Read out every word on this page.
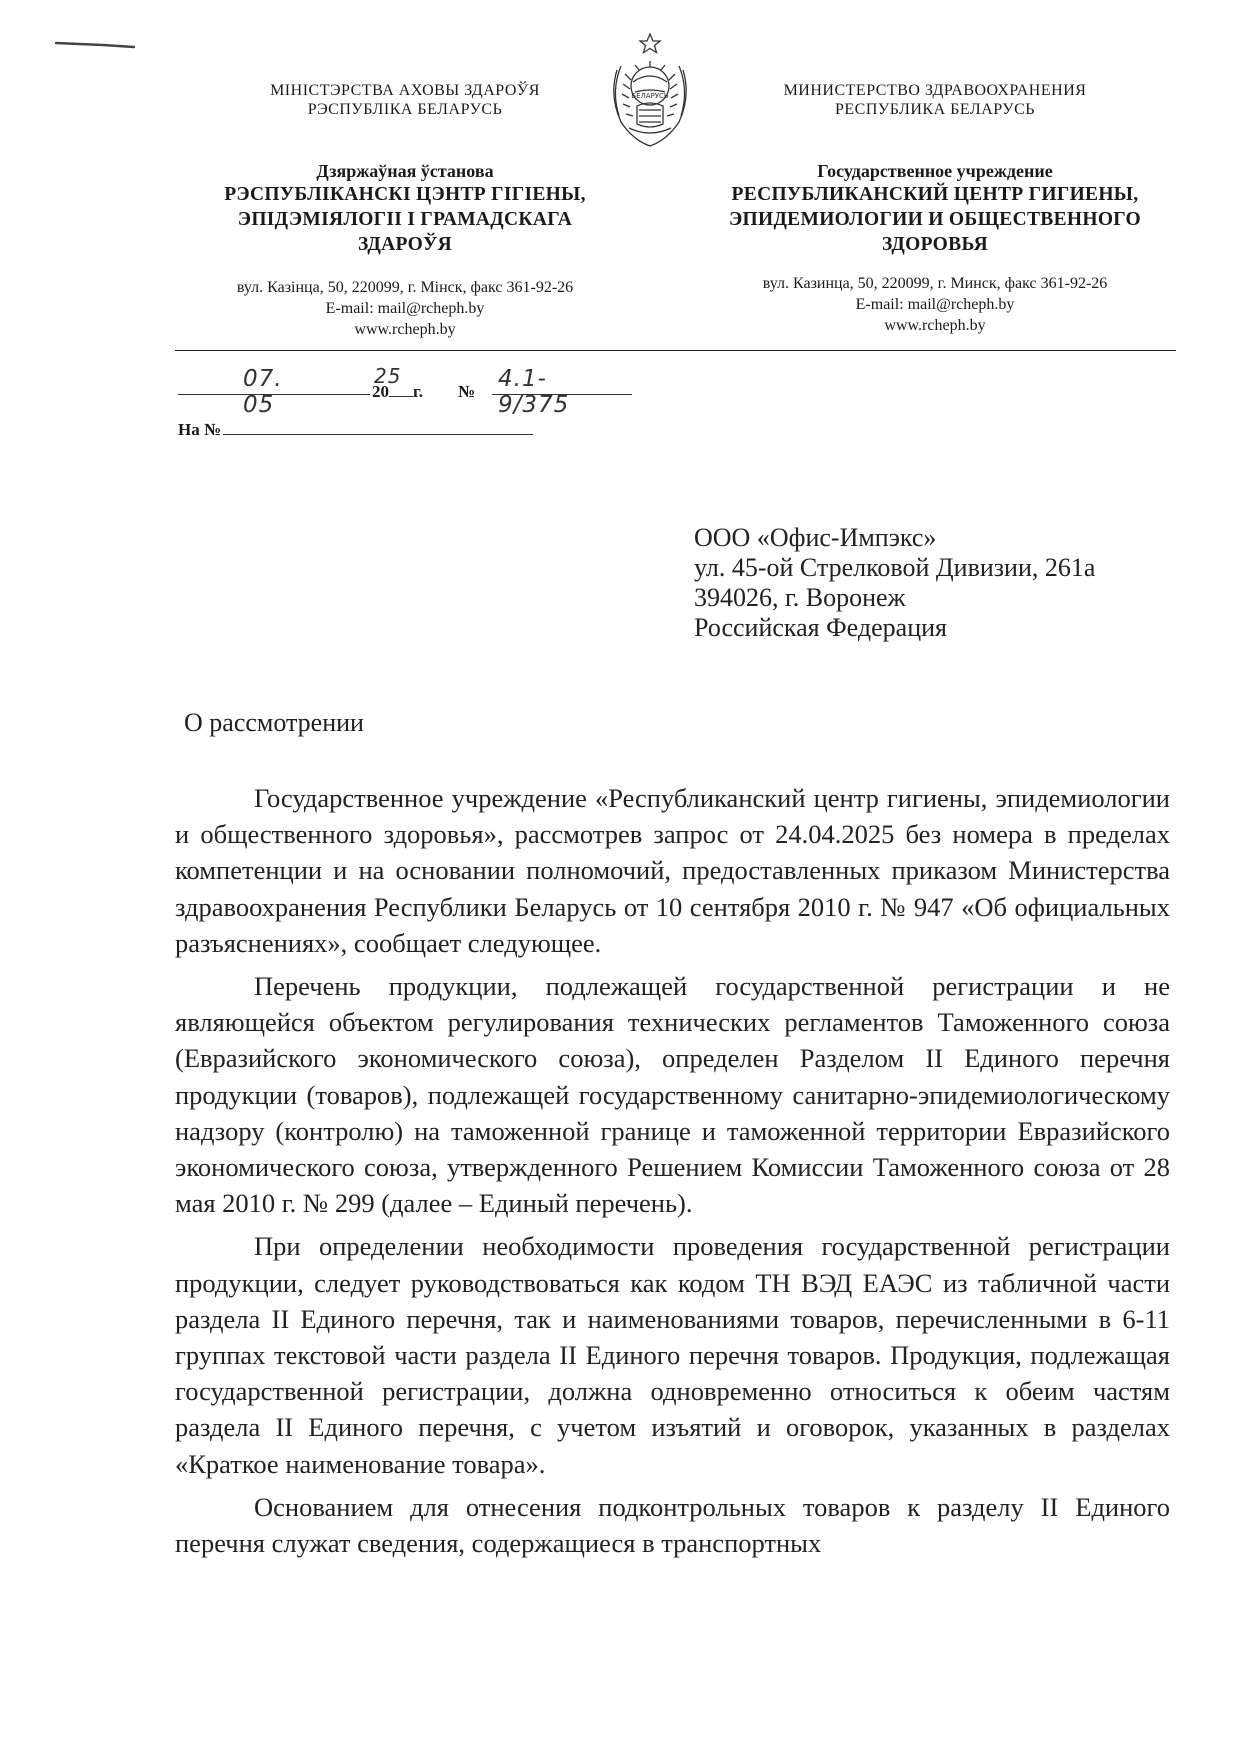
МІНІСТЭРСТВА АХОВЫ ЗДАРОЎЯ
РЭСПУБЛІКА БЕЛАРУСЬ
Дзяржаўная ўстанова
РЭСПУБЛІКАНСКІ ЦЭНТР ГІГІЕНЫ,
ЭПІДЭМІЯЛОГІІ І ГРАМАДСКАГА
ЗДАРОЎЯ
вул. Казінца, 50, 220099, г. Мінск, факс 361-92-26
E-mail: mail@rcheph.by
www.rcheph.by
БЕЛАРУСЬ	МИНИСТЕРСТВО ЗДРАВООХРАНЕНИЯ
РЕСПУБЛИКА БЕЛАРУСЬ
Государственное учреждение
РЕСПУБЛИКАНСКИЙ ЦЕНТР ГИГИЕНЫ,
ЭПИДЕМИОЛОГИИ И ОБЩЕСТВЕННОГО
ЗДОРОВЬЯ
вул. Казинца, 50, 220099, г. Минск, факс 361-92-26
E-mail: mail@rcheph.by
www.rcheph.by
07. 05
20 г.
25
№ 4.1-9/375
На №
ООО «Офис-Импэкс»
ул. 45-ой Стрелковой Дивизии, 261а
394026, г. Воронеж
Российская Федерация
О рассмотрении

Государственное учреждение «Республиканский центр гигиены, эпидемиологии и общественного здоровья», рассмотрев запрос от 24.04.2025 без номера в пределах компетенции и на основании полномочий, предоставленных приказом Министерства здравоохранения Республики Беларусь от 10 сентября 2010 г. № 947 «Об официальных разъяснениях», сообщает следующее.

Перечень продукции, подлежащей государственной регистрации и не являющейся объектом регулирования технических регламентов Таможенного союза (Евразийского экономического союза), определен Разделом II Единого перечня продукции (товаров), подлежащей государственному санитарно-эпидемиологическому надзору (контролю) на таможенной границе и таможенной территории Евразийского экономического союза, утвержденного Решением Комиссии Таможенного союза от 28 мая 2010 г. № 299 (далее – Единый перечень).

При определении необходимости проведения государственной регистрации продукции, следует руководствоваться как кодом ТН ВЭД ЕАЭС из табличной части раздела II Единого перечня, так и наименованиями товаров, перечисленными в 6-11 группах текстовой части раздела II Единого перечня товаров. Продукция, подлежащая государственной регистрации, должна одновременно относиться к обеим частям раздела II Единого перечня, с учетом изъятий и оговорок, указанных в разделах «Краткое наименование товара».

Основанием для отнесения подконтрольных товаров к разделу II Единого перечня служат сведения, содержащиеся в транспортных
